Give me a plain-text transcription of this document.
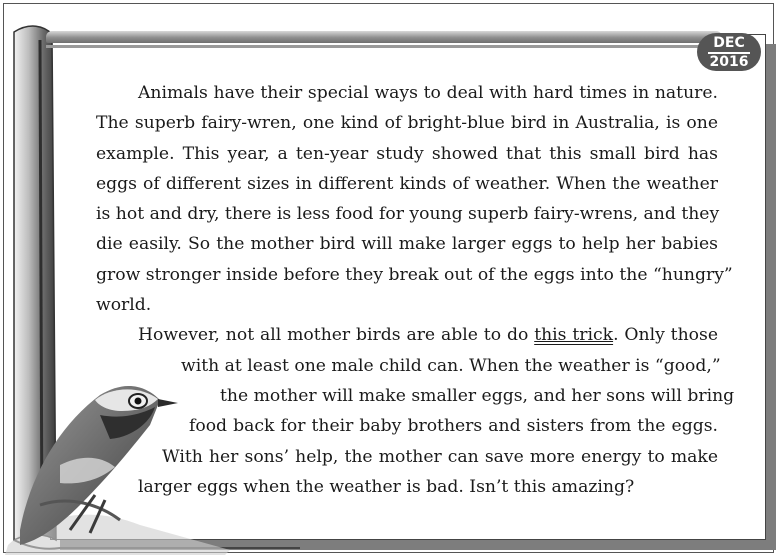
DEC
2016
Animals have their special ways to deal with hard times in nature.
The superb fairy-wren, one kind of bright-blue bird in Australia, is one
example. This year, a ten-year study showed that this small bird has
eggs of different sizes in different kinds of weather. When the weather
is hot and dry, there is less food for young superb fairy-wrens, and they
die easily. So the mother bird will make larger eggs to help her babies
grow stronger inside before they break out of the eggs into the “hungry”
world.
However, not all mother birds are able to do this trick. Only those
with at least one male child can. When the weather is “good,”
the mother will make smaller eggs, and her sons will bring
food back for their baby brothers and sisters from the eggs.
With her sons’ help, the mother can save more energy to make
larger eggs when the weather is bad. Isn’t this amazing?
